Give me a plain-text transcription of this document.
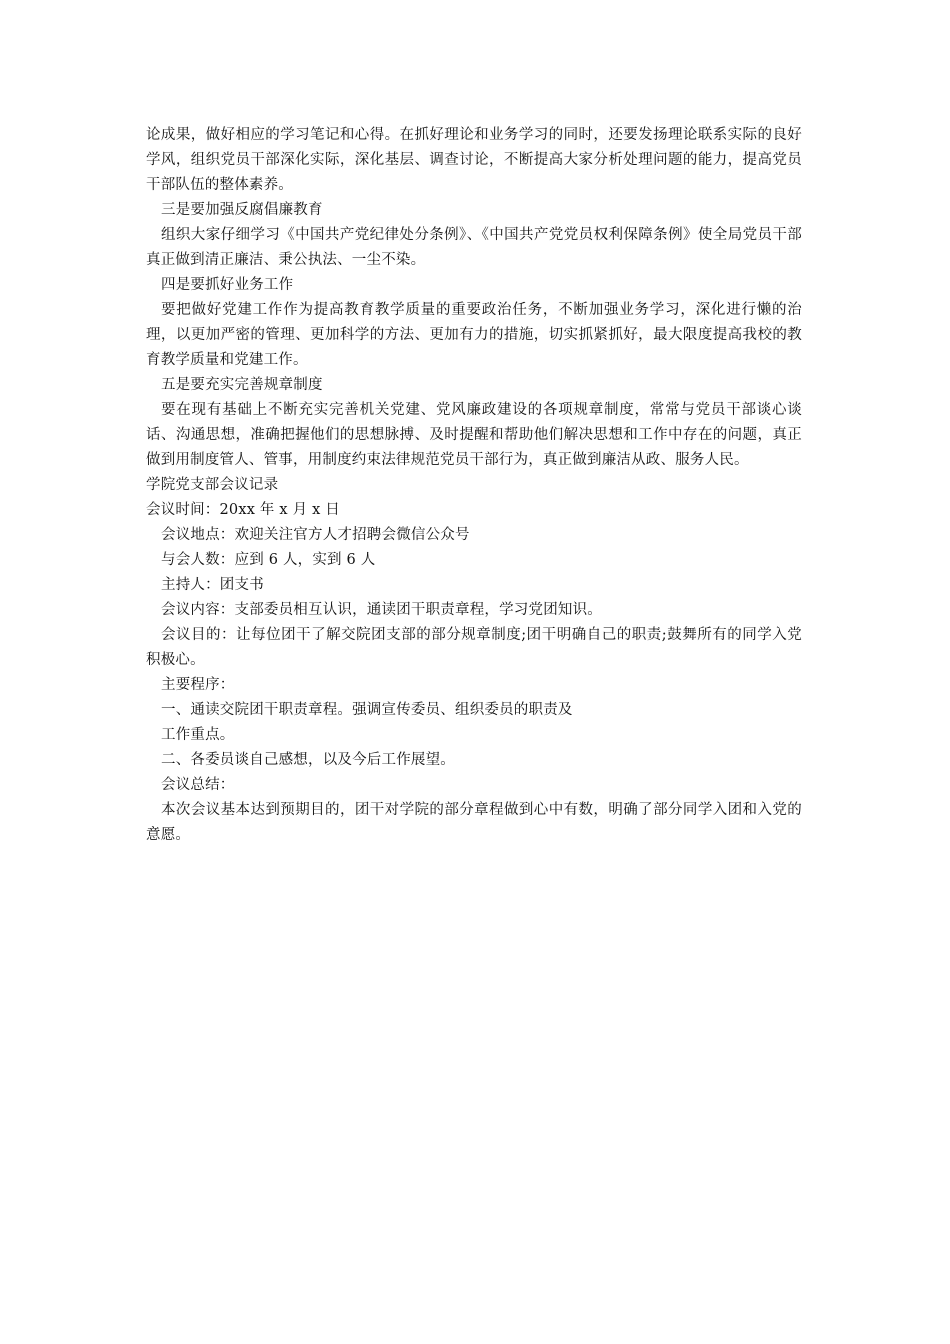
论成果，做好相应的学习笔记和心得。在抓好理论和业务学习的同时，还要发扬理论联系实际的良好学风，组织党员干部深化实际，深化基层、调查讨论，不断提高大家分析处理问题的能力，提高党员干部队伍的整体素养。

三是要加强反腐倡廉教育

组织大家仔细学习《中国共产党纪律处分条例》、《中国共产党党员权利保障条例》使全局党员干部真正做到清正廉洁、秉公执法、一尘不染。

四是要抓好业务工作

要把做好党建工作作为提高教育教学质量的重要政治任务，不断加强业务学习，深化进行懒的治理，以更加严密的管理、更加科学的方法、更加有力的措施，切实抓紧抓好，最大限度提高我校的教育教学质量和党建工作。

五是要充实完善规章制度

要在现有基础上不断充实完善机关党建、党风廉政建设的各项规章制度，常常与党员干部谈心谈话、沟通思想，准确把握他们的思想脉搏、及时提醒和帮助他们解决思想和工作中存在的问题，真正做到用制度管人、管事，用制度约束法律规范党员干部行为，真正做到廉洁从政、服务人民。

学院党支部会议记录

会议时间：20xx 年 x 月 x 日

会议地点：欢迎关注官方人才招聘会微信公众号

与会人数：应到 6 人，实到 6 人

主持人：团支书

会议内容：支部委员相互认识，通读团干职责章程，学习党团知识。

会议目的：让每位团干了解交院团支部的部分规章制度;团干明确自己的职责;鼓舞所有的同学入党积极心。

主要程序：

一、通读交院团干职责章程。强调宣传委员、组织委员的职责及

工作重点。

二、各委员谈自己感想，以及今后工作展望。

会议总结：

本次会议基本达到预期目的，团干对学院的部分章程做到心中有数，明确了部分同学入团和入党的意愿。
